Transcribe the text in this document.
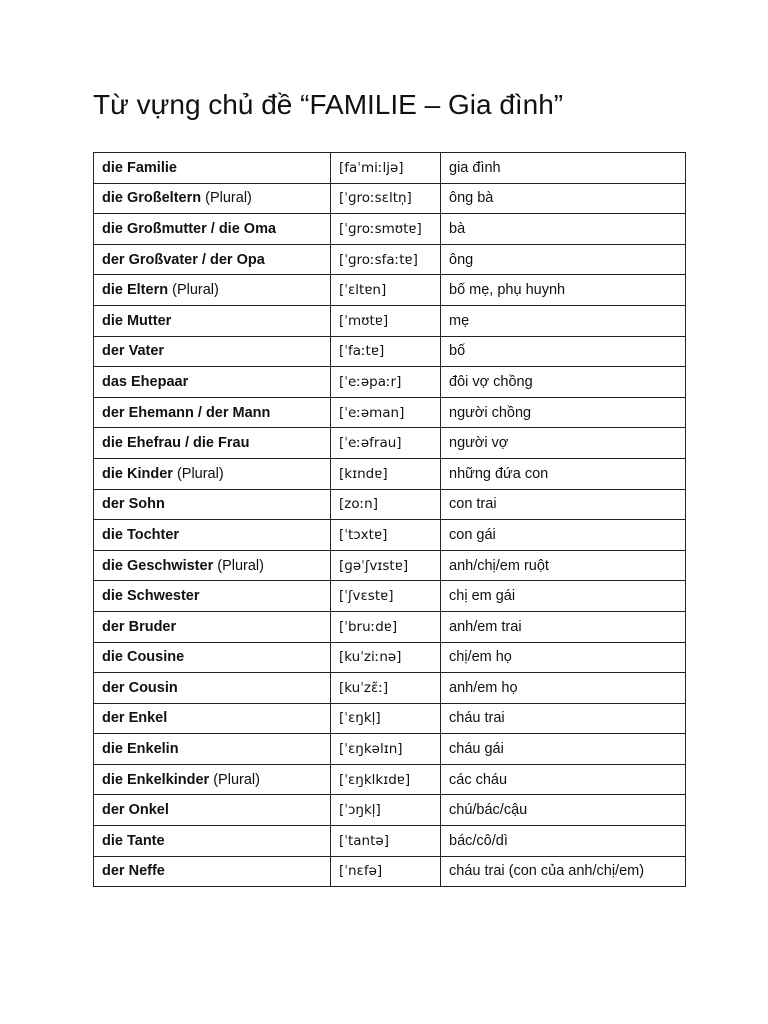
Từ vựng chủ đề “FAMILIE – Gia đình”
die Familie	[faˈmiːljə]	gia đình
die Großeltern (Plural)	[ˈɡroːsɛltn̩]	ông bà
die Großmutter / die Oma	[ˈɡroːsmʊtɐ]	bà
der Großvater / der Opa	[ˈɡroːsfaːtɐ]	ông
die Eltern (Plural)	[ˈɛltɐn]	bố mẹ, phụ huynh
die Mutter	[ˈmʊtɐ]	mẹ
der Vater	[ˈfaːtɐ]	bố
das Ehepaar	[ˈeːəpaːr]	đôi vợ chồng
der Ehemann / der Mann	[ˈeːəman]	người chồng
die Ehefrau / die Frau	[ˈeːəfrau]	người vợ
die Kinder (Plural)	[kɪndɐ]	những đứa con
der Sohn	[zoːn]	con trai
die Tochter	[ˈtɔxtɐ]	con gái
die Geschwister (Plural)	[ɡəˈʃvɪstɐ]	anh/chị/em ruột
die Schwester	[ˈʃvɛstɐ]	chị em gái
der Bruder	[ˈbruːdɐ]	anh/em trai
die Cousine	[kuˈziːnə]	chị/em họ
der Cousin	[kuˈzɛ̃ː]	anh/em họ
der Enkel	[ˈɛŋkl̩]	cháu trai
die Enkelin	[ˈɛŋkəlɪn]	cháu gái
die Enkelkinder (Plural)	[ˈɛŋklkɪdɐ]	các cháu
der Onkel	[ˈɔŋkl̩]	chú/bác/cậu
die Tante	[ˈtantə]	bác/cô/dì
der Neffe	[ˈnɛfə]	cháu trai (con của anh/chị/em)
